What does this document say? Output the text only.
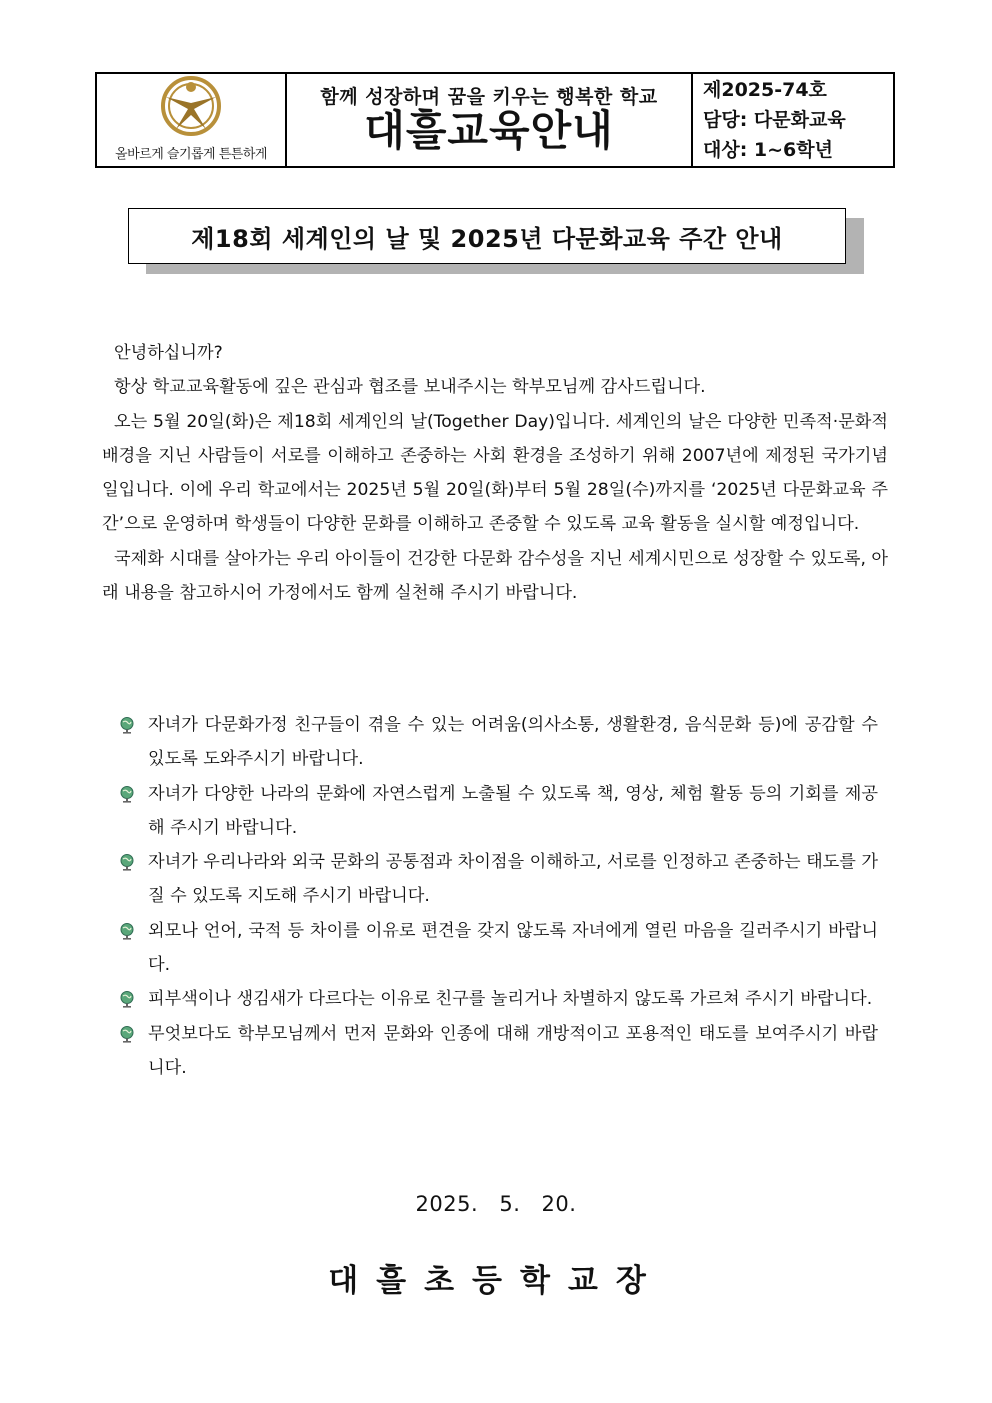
올바르게 슬기롭게 튼튼하게
함께 성장하며 꿈을 키우는 행복한 학교
대흘교육안내
제2025-74호
담당: 다문화교육
대상: 1~6학년
제18회 세계인의 날 및 2025년 다문화교육 주간 안내

안녕하십니까?

항상 학교교육활동에 깊은 관심과 협조를 보내주시는 학부모님께 감사드립니다.

오는 5월 20일(화)은 제18회 세계인의 날(Together Day)입니다. 세계인의 날은 다양한 민족적·문화적 배경을 지닌 사람들이 서로를 이해하고 존중하는 사회 환경을 조성하기 위해 2007년에 제정된 국가기념일입니다. 이에 우리 학교에서는 2025년 5월 20일(화)부터 5월 28일(수)까지를 ‘2025년 다문화교육 주간’으로 운영하며 학생들이 다양한 문화를 이해하고 존중할 수 있도록 교육 활동을 실시할 예정입니다.

국제화 시대를 살아가는 우리 아이들이 건강한 다문화 감수성을 지닌 세계시민으로 성장할 수 있도록, 아래 내용을 참고하시어 가정에서도 함께 실천해 주시기 바랍니다.

자녀가 다문화가정 친구들이 겪을 수 있는 어려움(의사소통, 생활환경, 음식문화 등)에 공감할 수 있도록 도와주시기 바랍니다.
자녀가 다양한 나라의 문화에 자연스럽게 노출될 수 있도록 책, 영상, 체험 활동 등의 기회를 제공해 주시기 바랍니다.
자녀가 우리나라와 외국 문화의 공통점과 차이점을 이해하고, 서로를 인정하고 존중하는 태도를 가질 수 있도록 지도해 주시기 바랍니다.
외모나 언어, 국적 등 차이를 이유로 편견을 갖지 않도록 자녀에게 열린 마음을 길러주시기 바랍니다.
피부색이나 생김새가 다르다는 이유로 친구를 놀리거나 차별하지 않도록 가르쳐 주시기 바랍니다.
무엇보다도 학부모님께서 먼저 문화와 인종에 대해 개방적이고 포용적인 태도를 보여주시기 바랍니다.
2025. 5. 20.
대흘초등학교장
